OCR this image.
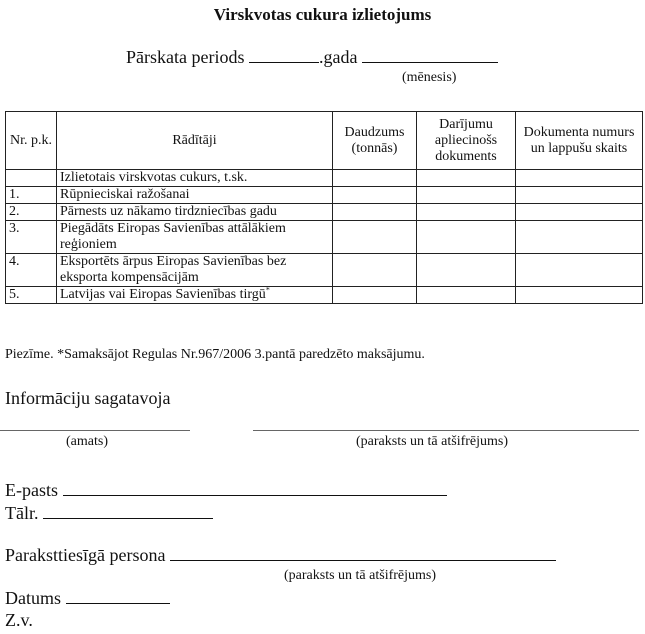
Virskvotas cukura izlietojums
Pārskata periods	.gada
(mēnesis)
Nr. p.k.	Rādītāji	Daudzums (tonnās)	Darījumu apliecinošs dokuments	Dokumenta numurs un lappušu skaits
	Izlietotais virskvotas cukurs, t.sk.			
1.	Rūpnieciskai ražošanai			
2.	Pārnests uz nākamo tirdzniecības gadu			
3.	Piegādāts Eiropas Savienības attālākiem reģioniem			
4.	Eksportēts ārpus Eiropas Savienības bez eksporta kompensācijām			
5.	Latvijas vai Eiropas Savienības tirgū*			
Piezīme. *Samaksājot Regulas Nr.967/2006 3.pantā paredzēto maksājumu.
Informāciju sagatavoja
(amats)	(paraksts un tā atšifrējums)
E-pasts
Tālr.
Paraksttiesīgā persona
(paraksts un tā atšifrējums)
Datums
Z.v.
